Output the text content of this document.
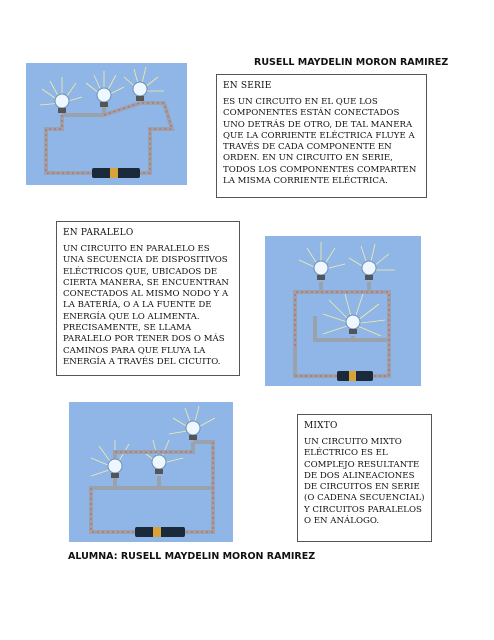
RUSELL MAYDELIN MORON RAMIREZ
EN SERIE
ES UN CIRCUITO EN EL QUE LOS COMPONENTES ESTÁN CONECTADOS UNO DETRÁS DE OTRO, DE TAL MANERA QUE LA CORRIENTE ELÉCTRICA FLUYE A TRAVÉS DE CADA COMPONENTE EN ORDEN. EN UN CIRCUITO EN SERIE, TODOS LOS COMPONENTES COMPARTEN LA MISMA CORRIENTE ELÉCTRICA.
EN PARALELO
UN CIRCUITO EN PARALELO ES UNA SECUENCIA DE DISPOSITIVOS ELÉCTRICOS QUE, UBICADOS DE CIERTA MANERA, SE ENCUENTRAN CONECTADOS AL MISMO NODO Y A LA BATERÍA, O A LA FUENTE DE ENERGÍA QUE LO ALIMENTA. PRECISAMENTE, SE LLAMA PARALELO POR TENER DOS O MÁS CAMINOS PARA QUE FLUYA LA ENERGÍA A TRAVÉS DEL CICUITO.
MIXTO
UN CIRCUITO MIXTO ELÉCTRICO ES EL COMPLEJO RESULTANTE DE DOS ALINEACIONES DE CIRCUITOS EN SERIE (O CADENA SECUENCIAL) Y CIRCUITOS PARALELOS O EN ANÁLOGO.
ALUMNA: RUSELL MAYDELIN MORON RAMIREZ
